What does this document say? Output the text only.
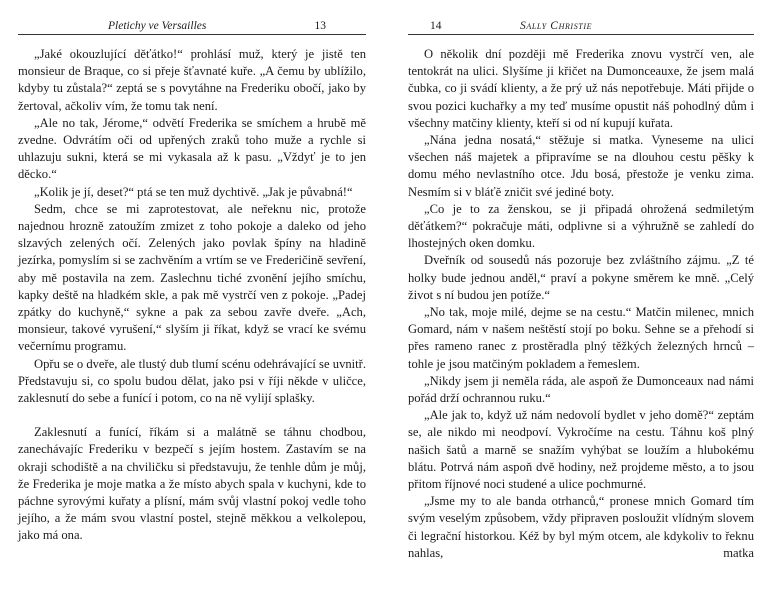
Pletichy ve Versailles	13

„Jaké okouzlující děťátko!“ prohlásí muž, který je jistě ten monsieur de Braque, co si přeje šťavnaté kuře. „A čemu by ublížilo, kdyby tu zůstala?“ zeptá se s povytáhne na Frederiku obočí, jako by žertoval, ačkoliv vím, že tomu tak není.

„Ale no tak, Jérome,“ odvětí Frederika se smíchem a hrubě mě zvedne. Odvrátím oči od upřených zraků toho muže a rychle si uhlazuju sukni, která se mi vykasala až k pasu. „Vždyť je to jen děcko.“

„Kolik je jí, deset?“ ptá se ten muž dychtivě. „Jak je půvabná!“

Sedm, chce se mi zaprotestovat, ale neřeknu nic, protože najednou hrozně zatoužím zmizet z toho pokoje a daleko od jeho slzavých zelených očí. Zelených jako povlak špíny na hladině jezírka, pomyslím si se zachvěním a vrtím se ve Frederičině sevření, aby mě postavila na zem. Zaslechnu tiché zvonění jejího smíchu, kapky deště na hladkém skle, a pak mě vystrčí ven z pokoje. „Padej zpátky do kuchyně,“ sykne a pak za sebou zavře dveře. „Ach, monsieur, takové vyrušení,“ slyším ji říkat, když se vrací ke svému večernímu programu.

Opřu se o dveře, ale tlustý dub tlumí scénu odehrávající se uvnitř. Představuju si, co spolu budou dělat, jako psi v říji někde v uličce, zaklesnutí do sebe a funící i potom, co na ně vylijí splašky.

Zaklesnutí a funící, říkám si a malátně se táhnu chodbou, zanechávajíc Frederiku v bezpečí s jejím hostem. Zastavím se na okraji schodiště a na chviličku si představuju, že tenhle dům je můj, že Frederika je moje matka a že místo abych spala v kuchyni, kde to páchne syrovými kuřaty a plísní, mám svůj vlastní pokoj vedle toho jejího, a že mám svou vlastní postel, stejně měkkou a velkolepou, jako má ona.

14	Sally Christie

O několik dní později mě Frederika znovu vystrčí ven, ale tentokrát na ulici. Slyšíme ji křičet na Dumonceauxe, že jsem malá čubka, co ji svádí klienty, a že prý už nás nepotřebuje. Máti přijde o svou pozici kuchařky a my teď musíme opustit náš pohodlný dům i všechny matčiny klienty, kteří si od ní kupují kuřata.

„Nána jedna nosatá,“ stěžuje si matka. Vyneseme na ulici všechen náš majetek a připravíme se na dlouhou cestu pěšky k domu mého nevlastního otce. Jdu bosá, přestože je venku zima. Nesmím si v bláťě zničit své jediné boty.

„Co je to za ženskou, se ji připadá ohrožená sedmiletým děťátkem?“ pokračuje máti, odplivne si a výhružně se zahledí do lhostejných oken domku.

Dveřník od sousedů nás pozoruje bez zvláštního zájmu. „Z té holky bude jednou anděl,“ praví a pokyne směrem ke mně. „Celý život s ní budou jen potíže.“

„No tak, moje milé, dejme se na cestu.“ Matčin milenec, mnich Gomard, nám v našem neštěstí stojí po boku. Sehne se a přehodí si přes rameno ranec z prostěradla plný těžkých železných hrnců – tohle je jsou matčiným pokladem a řemeslem.

„Nikdy jsem ji neměla ráda, ale aspoň že Dumonceaux nad námi pořád drží ochrannou ruku.“

„Ale jak to, když už nám nedovolí bydlet v jeho domě?“ zeptám se, ale nikdo mi neodpoví. Vykročíme na cestu. Táhnu koš plný našich šatů a marně se snažím vyhýbat se loužím a hlubokému blátu. Potrvá nám aspoň dvě hodiny, než projdeme město, a to jsou přitom říjnové noci studené a ulice pochmurné.

„Jsme my to ale banda otrhanců,“ pronese mnich Gomard tím svým veselým způsobem, vždy připraven posloužit vlídným slovem či legrační historkou. Kéž by byl mým otcem, ale kdykoliv to řeknu nahlas, matka
